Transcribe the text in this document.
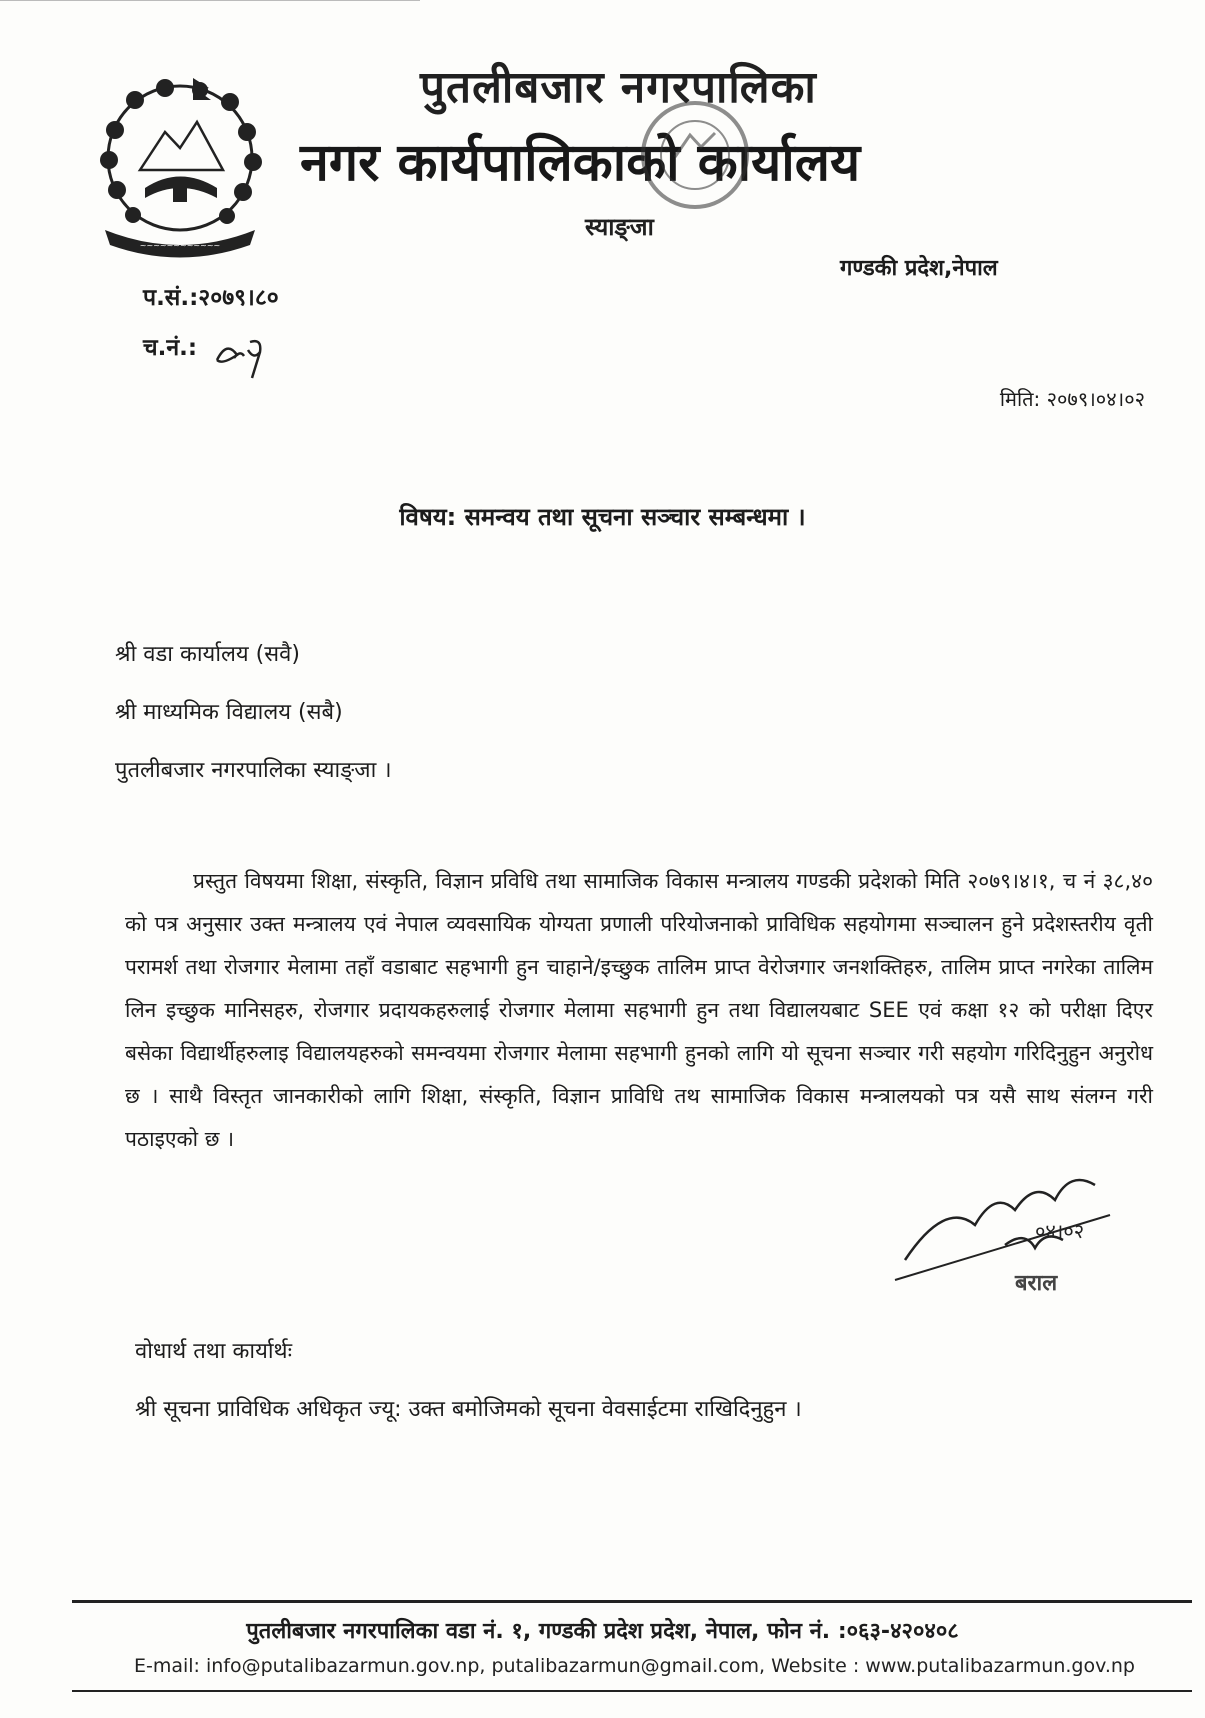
~~~~~~~~~~~~
पुतलीबजार नगरपालिका
नगर कार्यपालिकाको कार्यालय
स्याङ्जा
गण्डकी प्रदेश,नेपाल
प.सं.:२०७९।८०
च.नं.:
मिति: २०७९।०४।०२
विषय: समन्वय तथा सूचना सञ्चार सम्बन्धमा ।
श्री वडा कार्यालय (सवै)
श्री माध्यमिक विद्यालय (सबै)
पुतलीबजार नगरपालिका स्याङ्जा ।

प्रस्तुत विषयमा शिक्षा, संस्कृति, विज्ञान प्रविधि तथा सामाजिक विकास मन्त्रालय गण्डकी प्रदेशको मिति २०७९।४।१, च नं ३८,४० को पत्र अनुसार उक्त मन्त्रालय एवं नेपाल व्यवसायिक योग्यता प्रणाली परियोजनाको प्राविधिक सहयोगमा सञ्चालन हुने प्रदेशस्तरीय वृती परामर्श तथा रोजगार मेलामा तहाँ वडाबाट सहभागी हुन चाहाने/इच्छुक तालिम प्राप्त वेरोजगार जनशक्तिहरु, तालिम प्राप्त नगरेका तालिम लिन इच्छुक मानिसहरु, रोजगार प्रदायकहरुलाई रोजगार मेलामा सहभागी हुन तथा विद्यालयबाट SEE एवं कक्षा १२ को परीक्षा दिएर बसेका विद्यार्थीहरुलाइ विद्यालयहरुको समन्वयमा रोजगार मेलामा सहभागी हुनको लागि यो सूचना सञ्चार गरी सहयोग गरिदिनुहुन अनुरोध छ । साथै विस्तृत जानकारीको लागि शिक्षा, संस्कृति, विज्ञान प्राविधि तथ सामाजिक विकास मन्त्रालयको पत्र यसै साथ संलग्न गरी पठाइएको छ ।

बराल
०४।०२
वोधार्थ तथा कार्यार्थः
श्री सूचना प्राविधिक अधिकृत ज्यू: उक्त बमोजिमको सूचना वेवसाईटमा राखिदिनुहुन ।
पुतलीबजार नगरपालिका वडा नं. १, गण्डकी प्रदेश प्रदेश, नेपाल, फोन नं. :०६३-४२०४०८
E-mail: info@putalibazarmun.gov.np, putalibazarmun@gmail.com, Website : www.putalibazarmun.gov.np
